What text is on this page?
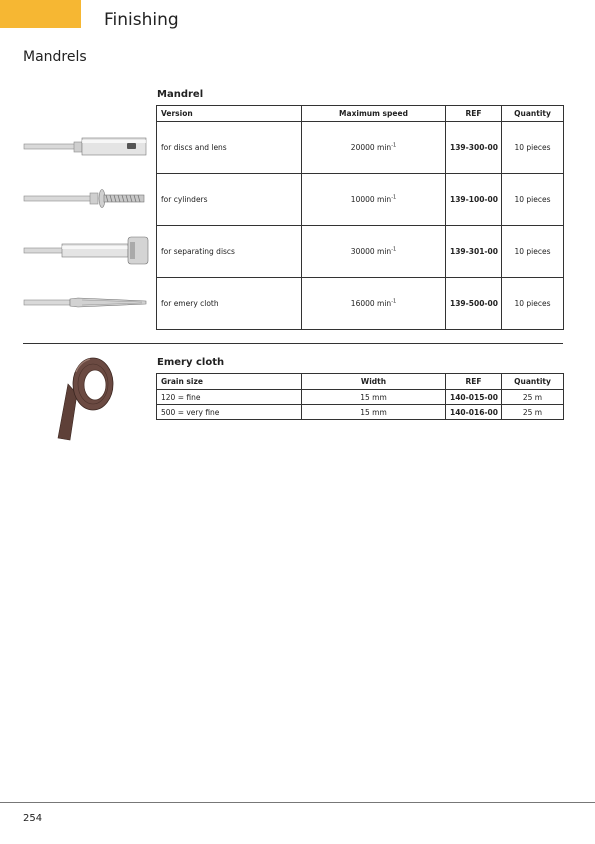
Finishing
Mandrels
Mandrel
Version	Maximum speed	REF	Quantity
for discs and lens	20000 $\min^{-1}$	139-300-00	10 pieces
for cylinders	10000 $\min^{-1}$	139-100-00	10 pieces
for separating discs	30000 $\min^{-1}$	139-301-00	10 pieces
for emery cloth	16000 $\min^{-1}$	139-500-00	10 pieces
Emery cloth
Grain size	Width	REF	Quantity
120 = fine	15 mm	140-015-00	25 m
500 = very fine	15 mm	140-016-00	25 m
254
